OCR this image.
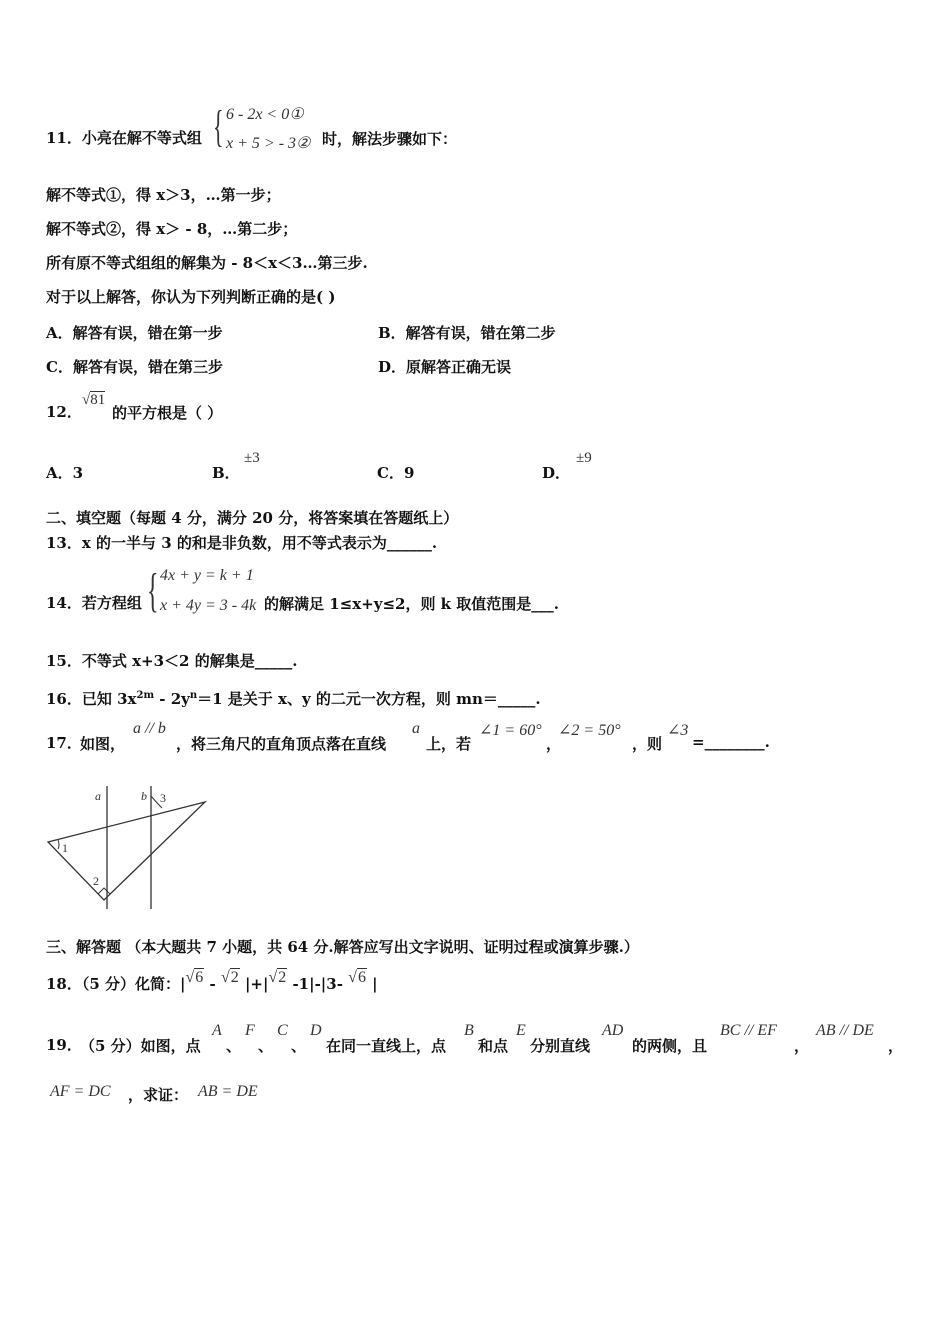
11．小亮在解不等式组 { 6 - 2x < 0①
x + 5 > - 3② 时，解法步骤如下：
解不等式①，得 x＞3，…第一步；
解不等式②，得 x＞ - 8，…第二步；
所有原不等式组组的解集为 - 8＜x＜3…第三步.
对于以上解答，你认为下列判断正确的是( )
A．解答有误，错在第一步	B．解答有误，错在第二步
C．解答有误，错在第三步	D．原解答正确无误
12．
√81
的平方根是（ ）
A．3	B．
±3
C．9	D．
±9
二、填空题（每题 4 分，满分 20 分，将答案填在答题纸上）
13．x 的一半与 3 的和是非负数，用不等式表示为______.
14．若方程组 { 4x + y = k + 1
x + 4y = 3 - 4k 的解满足 1≤x+y≤2，则 k 取值范围是___.
15．不等式 x+3＜2 的解集是_____.
16．已知 $3x^{2m} - 2y^n=1$ 是关于 x、y 的二元一次方程，则 mn＝_____.
17．
如图，
a // b
，将三角尺的直角顶点落在直线
a
上，若
∠1 = 60°
，
∠2 = 50°
，则
∠3
=________.
a	b
1
2
3
三、解答题 （本大题共 7 小题，共 64 分.解答应写出文字说明、证明过程或演算步骤.）
18．（5 分）化简：|√6 - √2 |+|√2 -1|-|3- √6 |
19．
（5 分）如图，点
A
、
F
、
C
、
D
在同一直线上，点
B
和点
E
分别直线
AD
的两侧，且
BC // EF
，
AB // DE
，
AF = DC ，求证： AB = DE
